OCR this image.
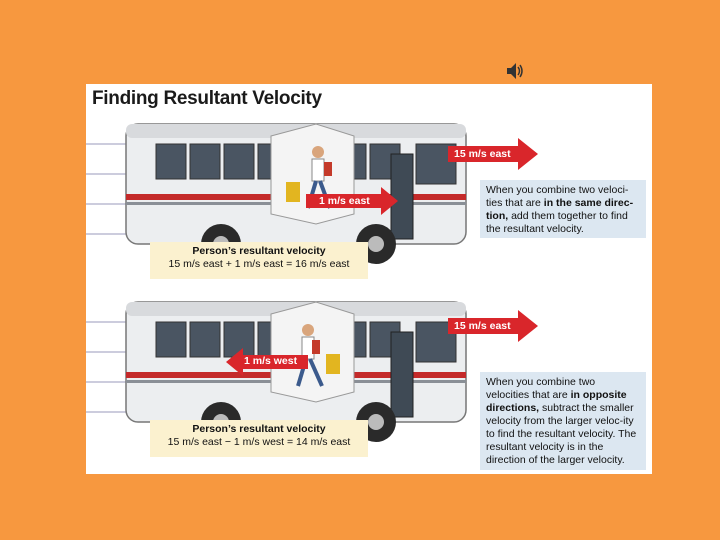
Finding Resultant Velocity
1 m/s east
15 m/s east
Person’s resultant velocity
15 m/s east + 1 m/s east = 16 m/s east
When you combine two veloci-ties that are in the same direc-tion, add them together to find the resultant velocity.
1 m/s west
15 m/s east
Person’s resultant velocity
15 m/s east − 1 m/s west = 14 m/s east
When you combine two velocities that are in opposite directions, subtract the smaller velocity from the larger veloc-ity to find the resultant velocity. The resultant velocity is in the direction of the larger velocity.
